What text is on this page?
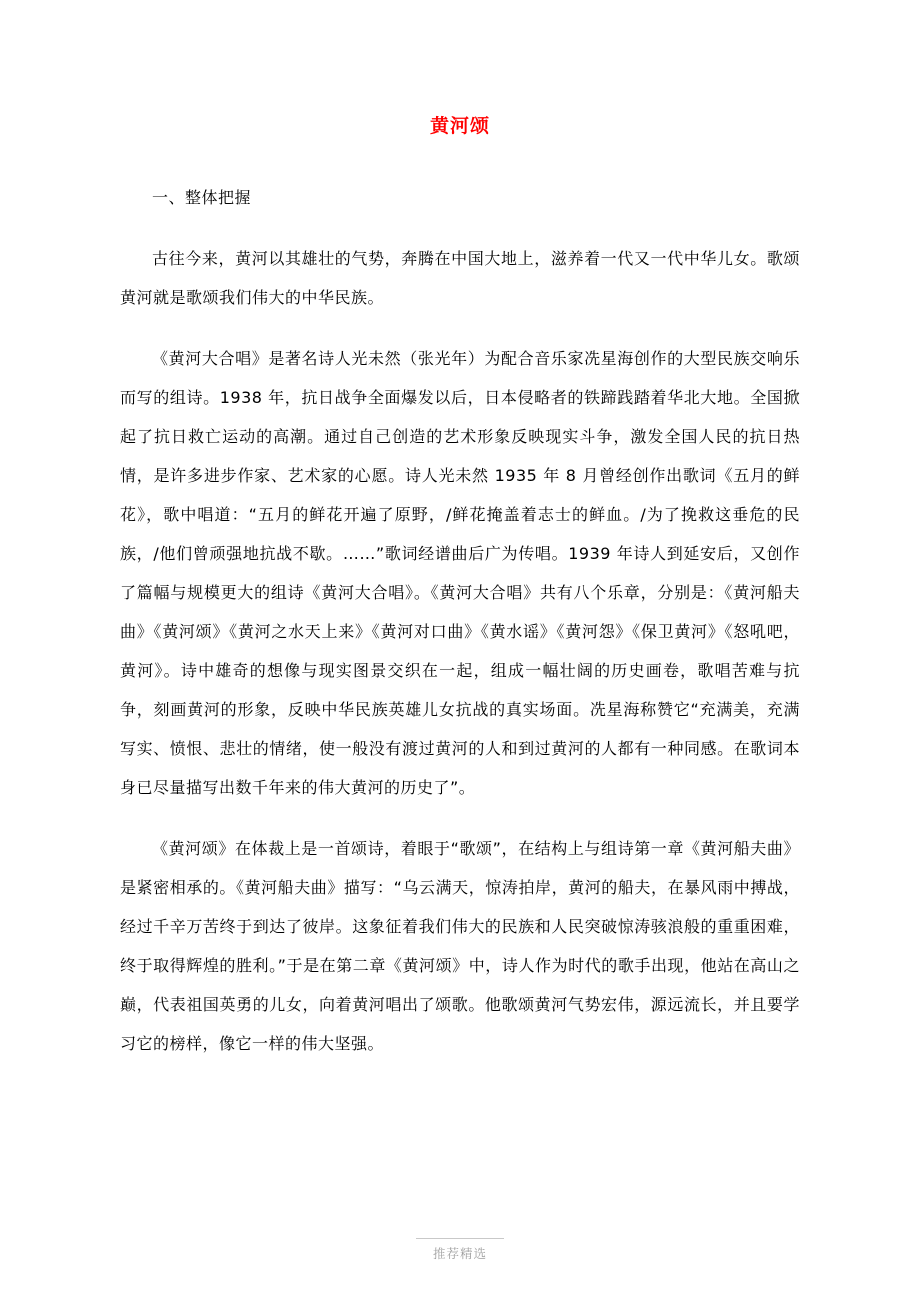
黄河颂
一、整体把握

古往今来，黄河以其雄壮的气势，奔腾在中国大地上，滋养着一代又一代中华儿女。歌颂黄河就是歌颂我们伟大的中华民族。

《黄河大合唱》是著名诗人光未然（张光年）为配合音乐家冼星海创作的大型民族交响乐而写的组诗。1938 年，抗日战争全面爆发以后，日本侵略者的铁蹄践踏着华北大地。全国掀起了抗日救亡运动的高潮。通过自己创造的艺术形象反映现实斗争，激发全国人民的抗日热情，是许多进步作家、艺术家的心愿。诗人光未然 1935 年 8 月曾经创作出歌词《五月的鲜花》，歌中唱道：“五月的鲜花开遍了原野，/鲜花掩盖着志士的鲜血。/为了挽救这垂危的民族，/他们曾顽强地抗战不歇。……”歌词经谱曲后广为传唱。1939 年诗人到延安后，又创作了篇幅与规模更大的组诗《黄河大合唱》。《黄河大合唱》共有八个乐章，分别是：《黄河船夫曲》《黄河颂》《黄河之水天上来》《黄河对口曲》《黄水谣》《黄河怨》《保卫黄河》《怒吼吧，黄河》。诗中雄奇的想像与现实图景交织在一起，组成一幅壮阔的历史画卷，歌唱苦难与抗争，刻画黄河的形象，反映中华民族英雄儿女抗战的真实场面。冼星海称赞它“充满美，充满写实、愤恨、悲壮的情绪，使一般没有渡过黄河的人和到过黄河的人都有一种同感。在歌词本身已尽量描写出数千年来的伟大黄河的历史了”。

《黄河颂》在体裁上是一首颂诗，着眼于“歌颂”，在结构上与组诗第一章《黄河船夫曲》是紧密相承的。《黄河船夫曲》描写：“乌云满天，惊涛拍岸，黄河的船夫，在暴风雨中搏战，经过千辛万苦终于到达了彼岸。这象征着我们伟大的民族和人民突破惊涛骇浪般的重重困难，终于取得辉煌的胜利。”于是在第二章《黄河颂》中，诗人作为时代的歌手出现，他站在高山之巅，代表祖国英勇的儿女，向着黄河唱出了颂歌。他歌颂黄河气势宏伟，源远流长，并且要学习它的榜样，像它一样的伟大坚强。

推荐精选
